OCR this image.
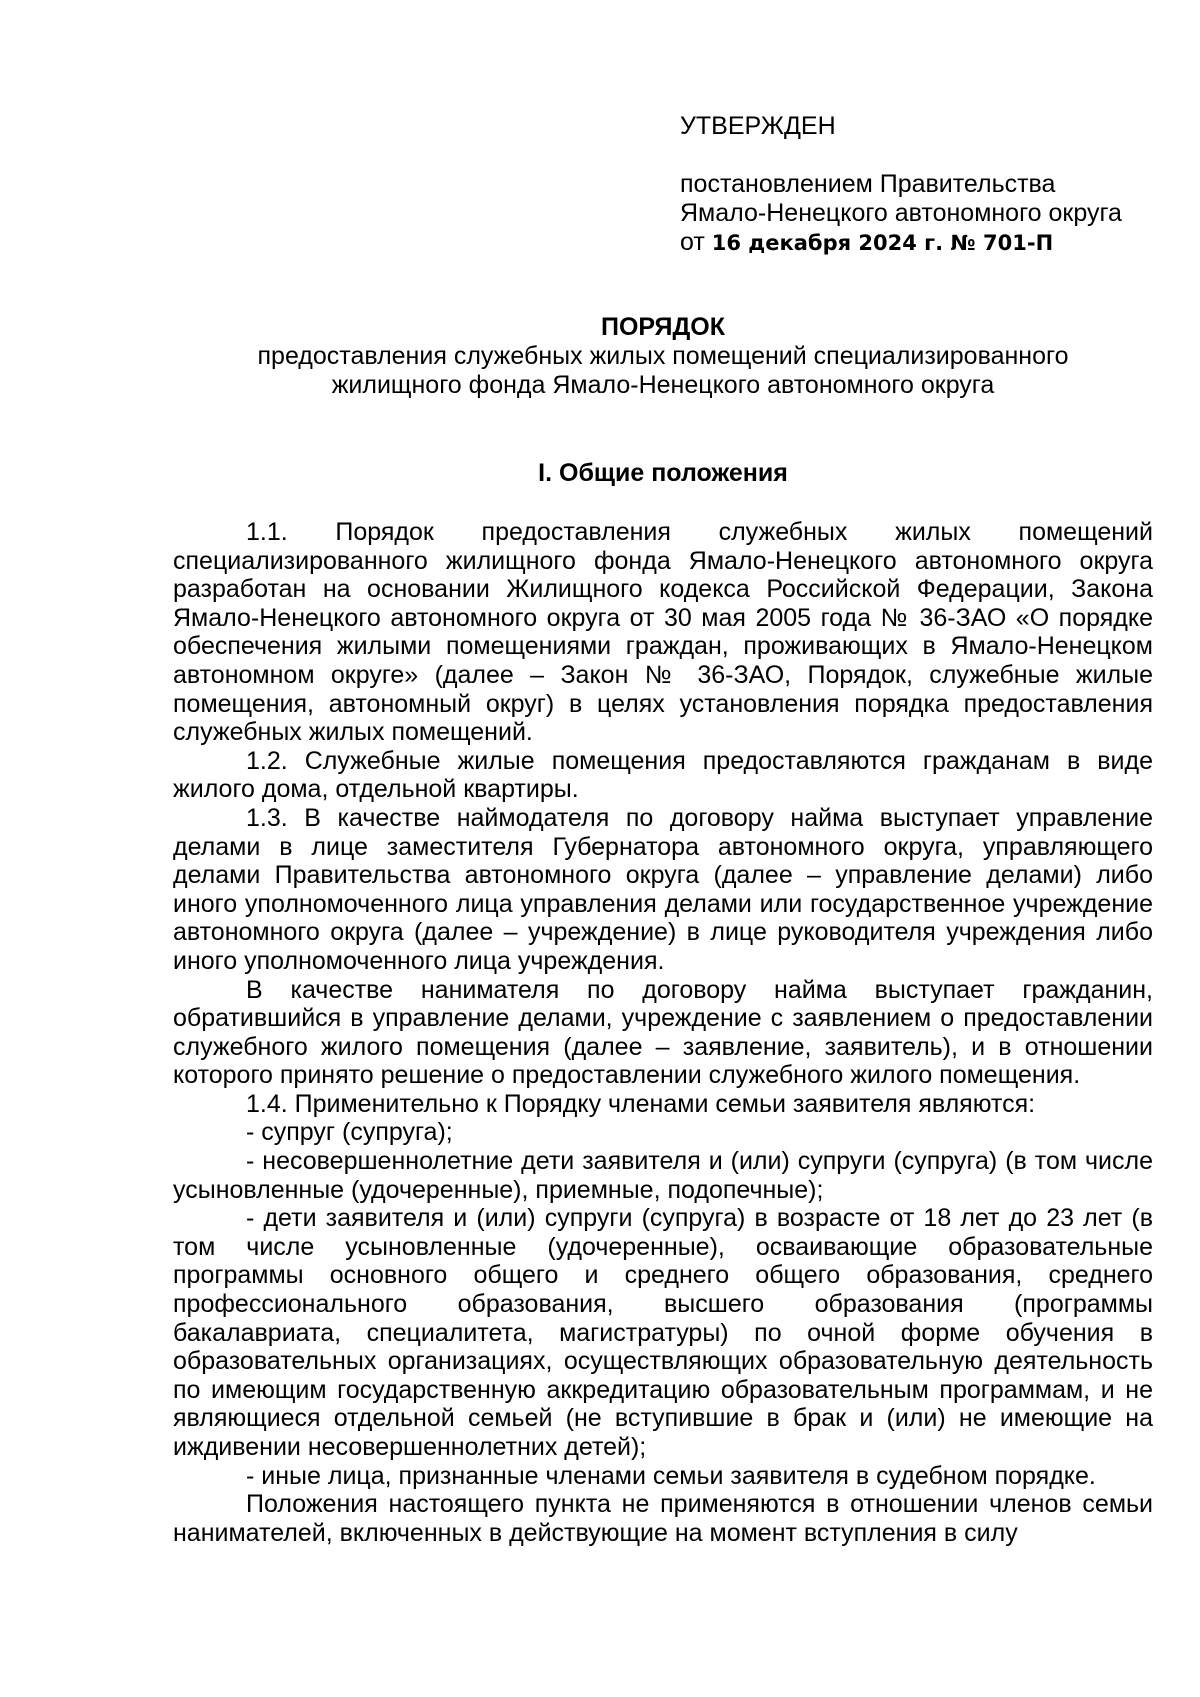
УТВЕРЖДЕН
постановлением Правительства
Ямало-Ненецкого автономного округа
от 16 декабря 2024 г. № 701-П
ПОРЯДОК
предоставления служебных жилых помещений специализированного жилищного фонда Ямало-Ненецкого автономного округа
I. Общие положения

1.1. Порядок предоставления служебных жилых помещений специализированного жилищного фонда Ямало-Ненецкого автономного округа разработан на основании Жилищного кодекса Российской Федерации, Закона Ямало-Ненецкого автономного округа от 30 мая 2005 года № 36-ЗАО «О порядке обеспечения жилыми помещениями граждан, проживающих в Ямало-Ненецком автономном округе» (далее – Закон № 36-ЗАО, Порядок, служебные жилые помещения, автономный округ) в целях установления порядка предоставления служебных жилых помещений.

1.2. Служебные жилые помещения предоставляются гражданам в виде жилого дома, отдельной квартиры.

1.3. В качестве наймодателя по договору найма выступает управление делами в лице заместителя Губернатора автономного округа, управляющего делами Правительства автономного округа (далее – управление делами) либо иного уполномоченного лица управления делами или государственное учреждение автономного округа (далее – учреждение) в лице руководителя учреждения либо иного уполномоченного лица учреждения.

В качестве нанимателя по договору найма выступает гражданин, обратившийся в управление делами, учреждение с заявлением о предоставлении служебного жилого помещения (далее – заявление, заявитель), и в отношении которого принято решение о предоставлении служебного жилого помещения.

1.4. Применительно к Порядку членами семьи заявителя являются:

- супруг (супруга);

- несовершеннолетние дети заявителя и (или) супруги (супруга) (в том числе усыновленные (удочеренные), приемные, подопечные);

- дети заявителя и (или) супруги (супруга) в возрасте от 18 лет до 23 лет (в том числе усыновленные (удочеренные), осваивающие образовательные программы основного общего и среднего общего образования, среднего профессионального образования, высшего образования (программы бакалавриата, специалитета, магистратуры) по очной форме обучения в образовательных организациях, осуществляющих образовательную деятельность по имеющим государственную аккредитацию образовательным программам, и не являющиеся отдельной семьей (не вступившие в брак и (или) не имеющие на иждивении несовершеннолетних детей);

- иные лица, признанные членами семьи заявителя в судебном порядке.

Положения настоящего пункта не применяются в отношении членов семьи нанимателей, включенных в действующие на момент вступления в силу
